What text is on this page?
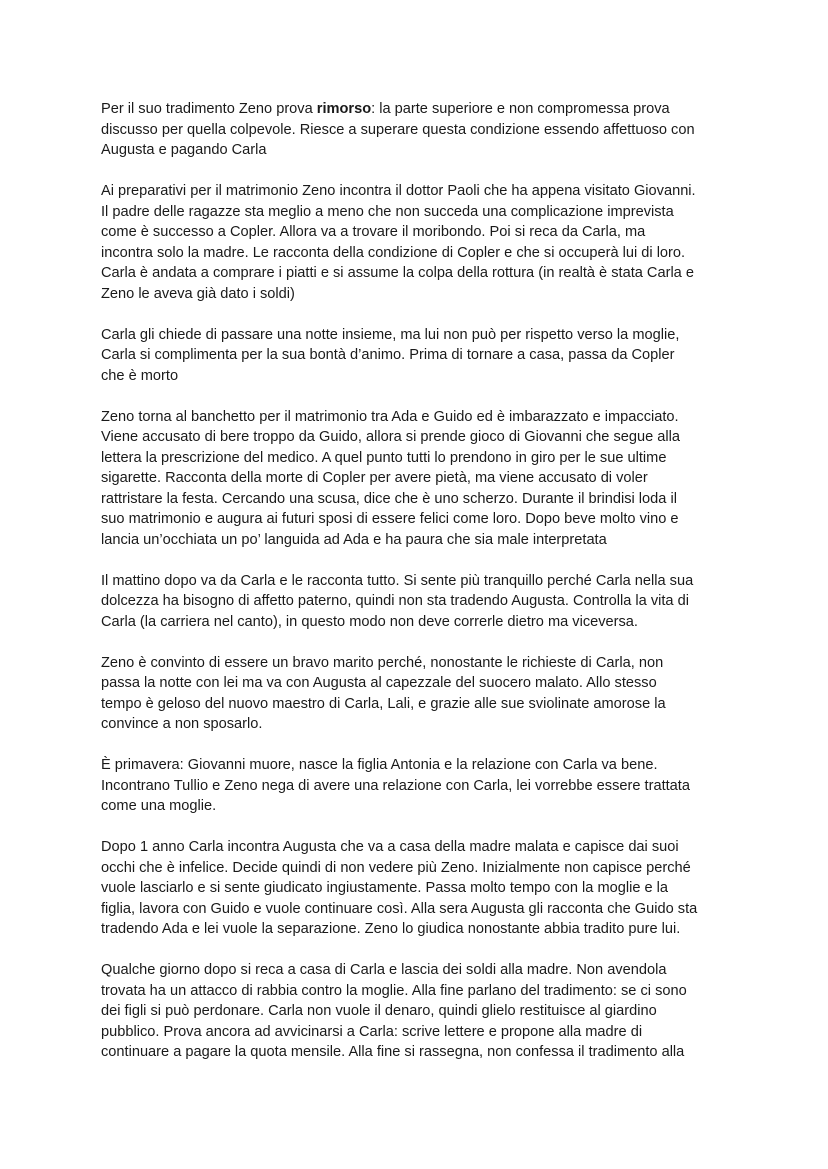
Per il suo tradimento Zeno prova rimorso: la parte superiore e non compromessa prova
discusso per quella colpevole. Riesce a superare questa condizione essendo affettuoso con
Augusta e pagando Carla

Ai preparativi per il matrimonio Zeno incontra il dottor Paoli che ha appena visitato Giovanni.
Il padre delle ragazze sta meglio a meno che non succeda una complicazione imprevista
come è successo a Copler. Allora va a trovare il moribondo. Poi si reca da Carla, ma
incontra solo la madre. Le racconta della condizione di Copler e che si occuperà lui di loro.
Carla è andata a comprare i piatti e si assume la colpa della rottura (in realtà è stata Carla e
Zeno le aveva già dato i soldi)

Carla gli chiede di passare una notte insieme, ma lui non può per rispetto verso la moglie,
Carla si complimenta per la sua bontà d’animo. Prima di tornare a casa, passa da Copler
che è morto

Zeno torna al banchetto per il matrimonio tra Ada e Guido ed è imbarazzato e impacciato.
Viene accusato di bere troppo da Guido, allora si prende gioco di Giovanni che segue alla
lettera la prescrizione del medico. A quel punto tutti lo prendono in giro per le sue ultime
sigarette. Racconta della morte di Copler per avere pietà, ma viene accusato di voler
rattristare la festa. Cercando una scusa, dice che è uno scherzo. Durante il brindisi loda il
suo matrimonio e augura ai futuri sposi di essere felici come loro. Dopo beve molto vino e
lancia un’occhiata un po’ languida ad Ada e ha paura che sia male interpretata

Il mattino dopo va da Carla e le racconta tutto. Si sente più tranquillo perché Carla nella sua
dolcezza ha bisogno di affetto paterno, quindi non sta tradendo Augusta. Controlla la vita di
Carla (la carriera nel canto), in questo modo non deve correrle dietro ma viceversa.

Zeno è convinto di essere un bravo marito perché, nonostante le richieste di Carla, non
passa la notte con lei ma va con Augusta al capezzale del suocero malato. Allo stesso
tempo è geloso del nuovo maestro di Carla, Lali, e grazie alle sue sviolinate amorose la
convince a non sposarlo.

È primavera: Giovanni muore, nasce la figlia Antonia e la relazione con Carla va bene.
Incontrano Tullio e Zeno nega di avere una relazione con Carla, lei vorrebbe essere trattata
come una moglie.

Dopo 1 anno Carla incontra Augusta che va a casa della madre malata e capisce dai suoi
occhi che è infelice. Decide quindi di non vedere più Zeno. Inizialmente non capisce perché
vuole lasciarlo e si sente giudicato ingiustamente. Passa molto tempo con la moglie e la
figlia, lavora con Guido e vuole continuare così. Alla sera Augusta gli racconta che Guido sta
tradendo Ada e lei vuole la separazione. Zeno lo giudica nonostante abbia tradito pure lui.

Qualche giorno dopo si reca a casa di Carla e lascia dei soldi alla madre. Non avendola
trovata ha un attacco di rabbia contro la moglie. Alla fine parlano del tradimento: se ci sono
dei figli si può perdonare. Carla non vuole il denaro, quindi glielo restituisce al giardino
pubblico. Prova ancora ad avvicinarsi a Carla: scrive lettere e propone alla madre di
continuare a pagare la quota mensile. Alla fine si rassegna, non confessa il tradimento alla
